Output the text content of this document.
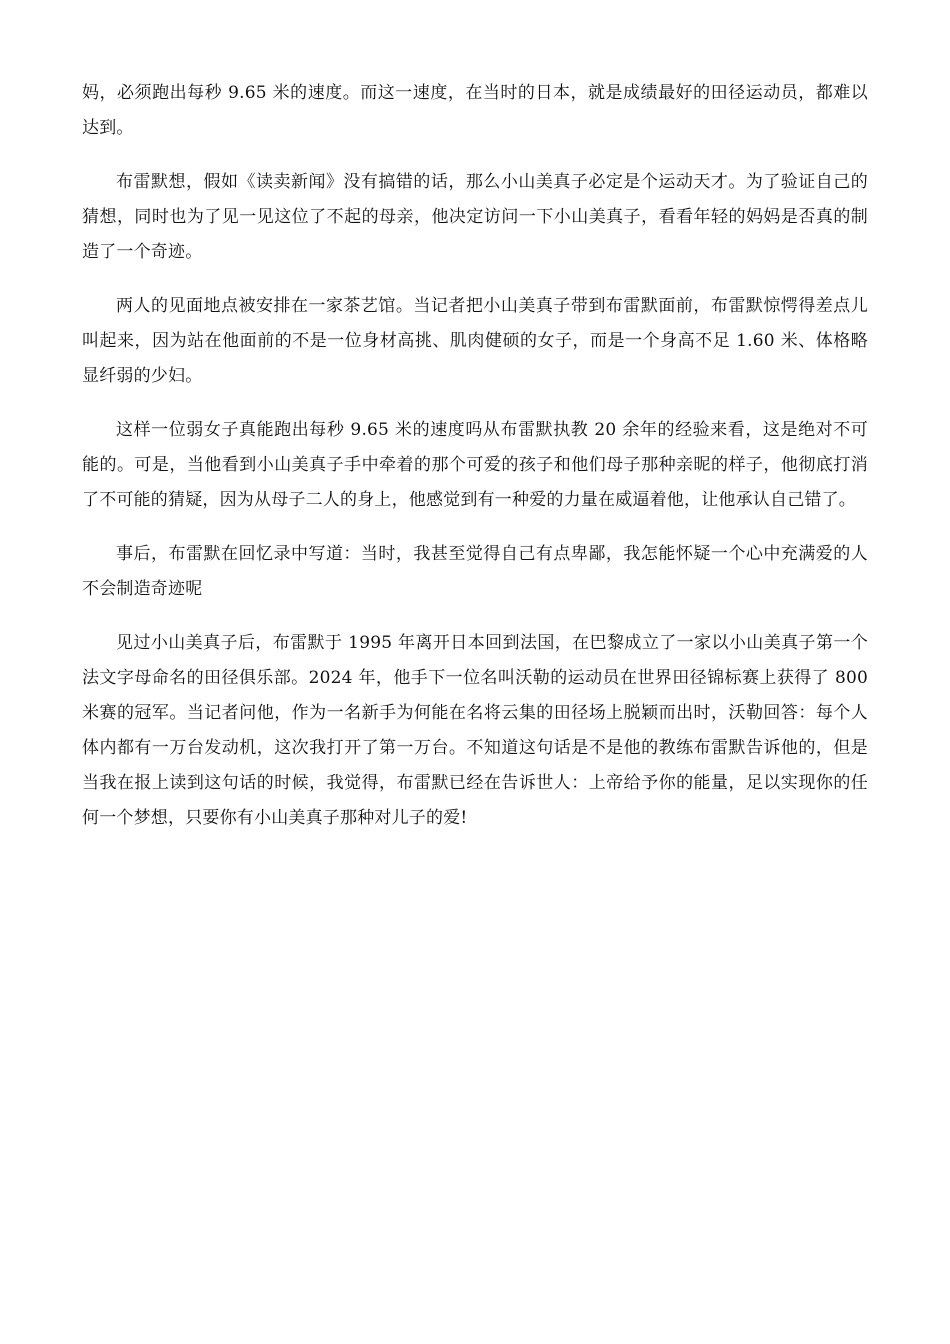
妈，必须跑出每秒 9.65 米的速度。而这一速度，在当时的日本，就是成绩最好的田径运动员，都难以达到。

布雷默想，假如《读卖新闻》没有搞错的话，那么小山美真子必定是个运动天才。为了验证自己的猜想，同时也为了见一见这位了不起的母亲，他决定访问一下小山美真子，看看年轻的妈妈是否真的制造了一个奇迹。

两人的见面地点被安排在一家茶艺馆。当记者把小山美真子带到布雷默面前，布雷默惊愕得差点儿叫起来，因为站在他面前的不是一位身材高挑、肌肉健硕的女子，而是一个身高不足 1.60 米、体格略显纤弱的少妇。

这样一位弱女子真能跑出每秒 9.65 米的速度吗从布雷默执教 20 余年的经验来看，这是绝对不可能的。可是，当他看到小山美真子手中牵着的那个可爱的孩子和他们母子那种亲昵的样子，他彻底打消了不可能的猜疑，因为从母子二人的身上，他感觉到有一种爱的力量在威逼着他，让他承认自己错了。

事后，布雷默在回忆录中写道：当时，我甚至觉得自己有点卑鄙，我怎能怀疑一个心中充满爱的人不会制造奇迹呢

见过小山美真子后，布雷默于 1995 年离开日本回到法国，在巴黎成立了一家以小山美真子第一个法文字母命名的田径俱乐部。2024 年，他手下一位名叫沃勒的运动员在世界田径锦标赛上获得了 800 米赛的冠军。当记者问他，作为一名新手为何能在名将云集的田径场上脱颖而出时，沃勒回答：每个人体内都有一万台发动机，这次我打开了第一万台。不知道这句话是不是他的教练布雷默告诉他的，但是当我在报上读到这句话的时候，我觉得，布雷默已经在告诉世人：上帝给予你的能量，足以实现你的任何一个梦想，只要你有小山美真子那种对儿子的爱!
